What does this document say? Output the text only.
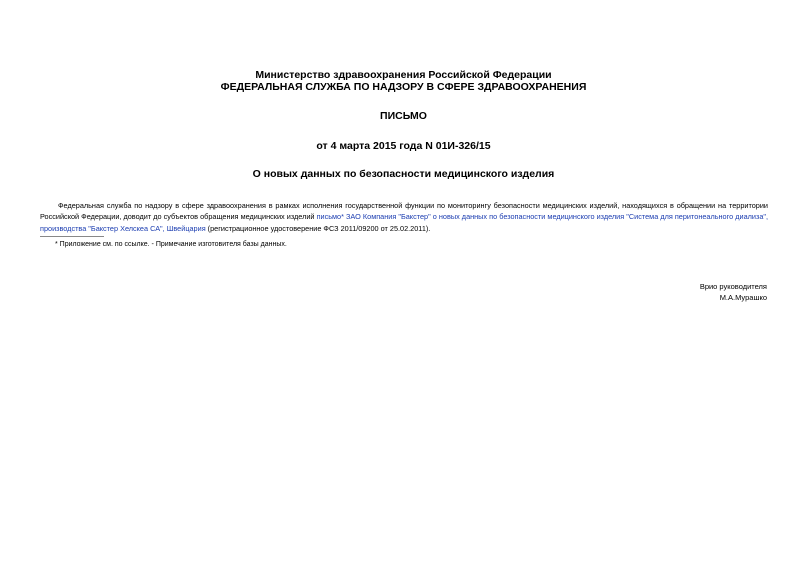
Министерство здравоохранения Российской Федерации

ФЕДЕРАЛЬНАЯ СЛУЖБА ПО НАДЗОРУ В СФЕРЕ ЗДРАВООХРАНЕНИЯ

ПИСЬМО

от 4 марта 2015 года N 01И-326/15

О новых данных по безопасности медицинского изделия

Федеральная служба по надзору в сфере здравоохранения в рамках исполнения государственной функции по мониторингу безопасности медицинских изделий, находящихся в обращении на территории Российской Федерации, доводит до субъектов обращения медицинских изделий письмо* ЗАО Компания "Бакстер" о новых данных по безопасности медицинского изделия "Система для перитонеального диализа", производства "Бакстер Хелскеа СА", Швейцария (регистрационное удостоверение ФСЗ 2011/09200 от 25.02.2011).

* Приложение см. по ссылке. - Примечание изготовителя базы данных.

Врио руководителя

М.А.Мурашко
